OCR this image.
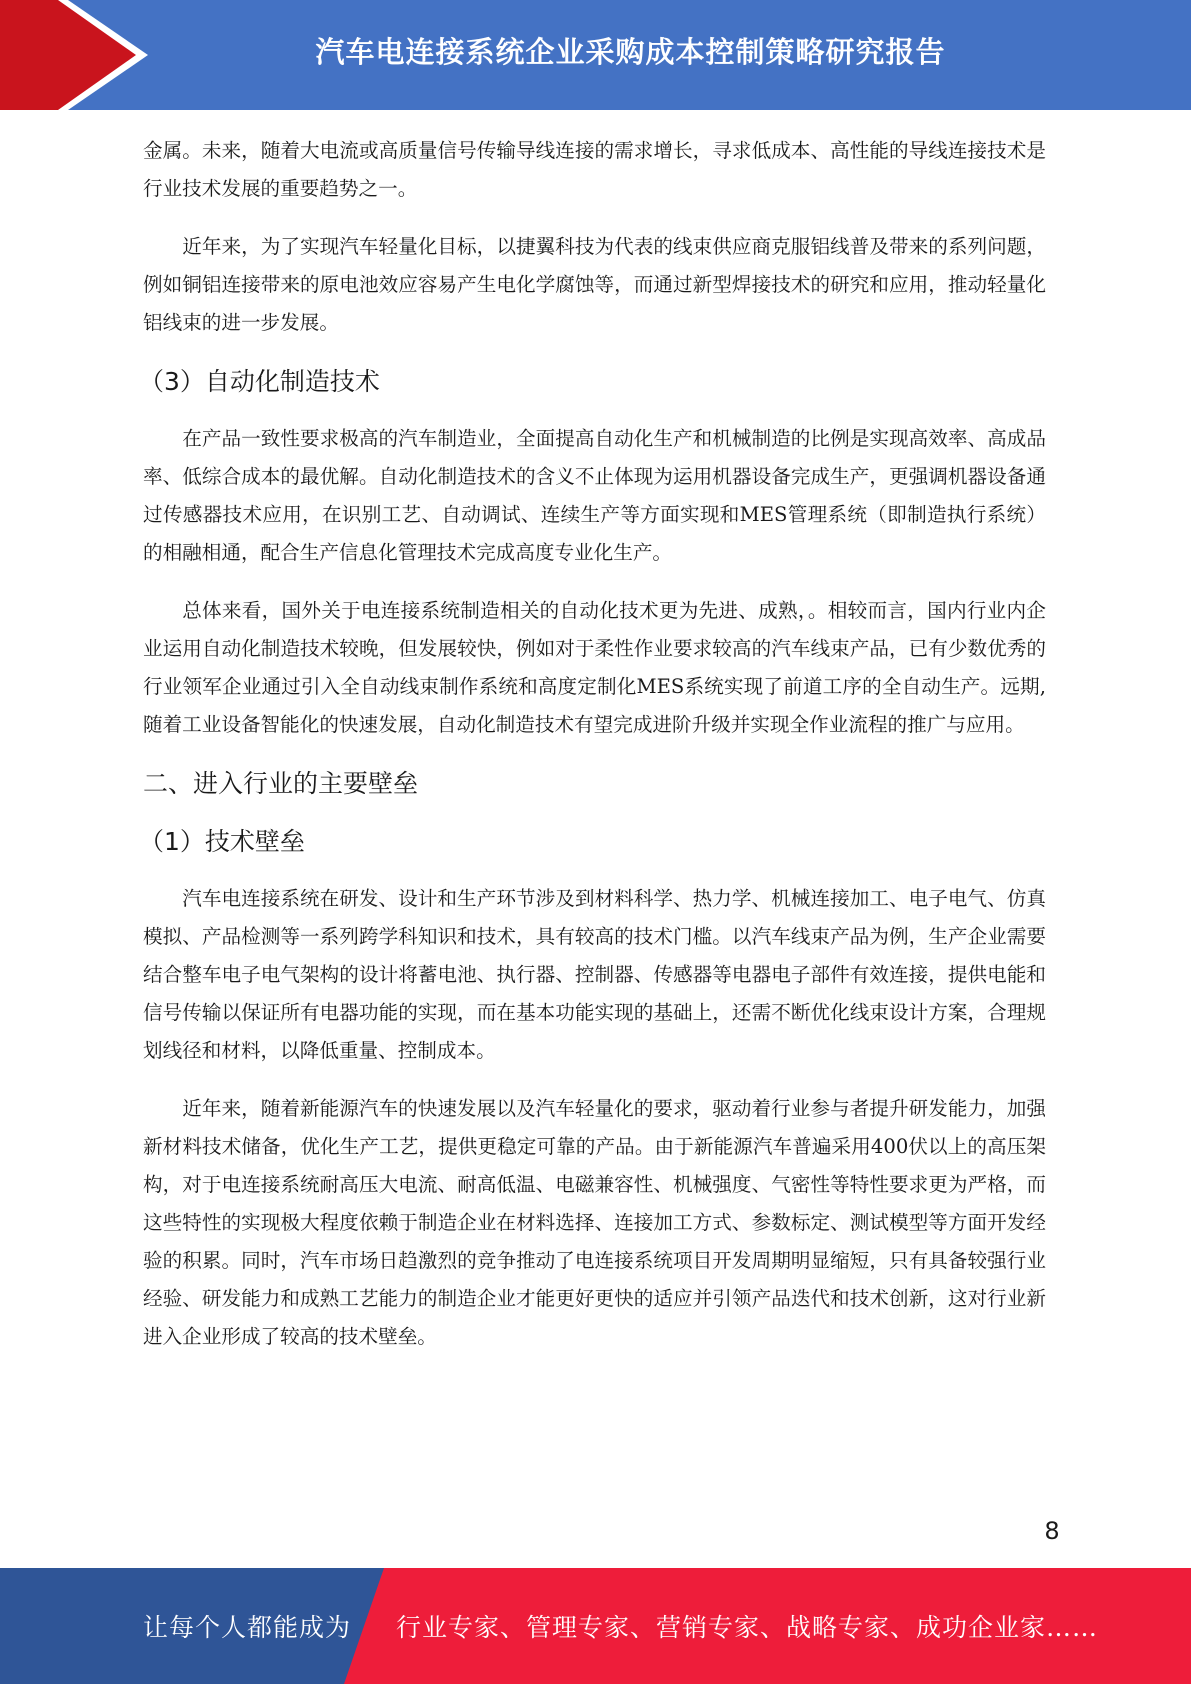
汽车电连接系统企业采购成本控制策略研究报告

金属。未来，随着大电流或高质量信号传输导线连接的需求增长，寻求低成本、高性能的导线连接技术是行业技术发展的重要趋势之一。

近年来，为了实现汽车轻量化目标，以捷翼科技为代表的线束供应商克服铝线普及带来的系列问题，例如铜铝连接带来的原电池效应容易产生电化学腐蚀等，而通过新型焊接技术的研究和应用，推动轻量化铝线束的进一步发展。

（3）自动化制造技术

在产品一致性要求极高的汽车制造业，全面提高自动化生产和机械制造的比例是实现高效率、高成品率、低综合成本的最优解。自动化制造技术的含义不止体现为运用机器设备完成生产，更强调机器设备通过传感器技术应用，在识别工艺、自动调试、连续生产等方面实现和MES管理系统（即制造执行系统）的相融相通，配合生产信息化管理技术完成高度专业化生产。

总体来看，国外关于电连接系统制造相关的自动化技术更为先进、成熟，。相较而言，国内行业内企业运用自动化制造技术较晚，但发展较快，例如对于柔性作业要求较高的汽车线束产品，已有少数优秀的行业领军企业通过引入全自动线束制作系统和高度定制化MES系统实现了前道工序的全自动生产。远期,随着工业设备智能化的快速发展，自动化制造技术有望完成进阶升级并实现全作业流程的推广与应用。

二、进入行业的主要壁垒
（1）技术壁垒

汽车电连接系统在研发、设计和生产环节涉及到材料科学、热力学、机械连接加工、电子电气、仿真模拟、产品检测等一系列跨学科知识和技术，具有较高的技术门槛。以汽车线束产品为例，生产企业需要结合整车电子电气架构的设计将蓄电池、执行器、控制器、传感器等电器电子部件有效连接，提供电能和信号传输以保证所有电器功能的实现，而在基本功能实现的基础上，还需不断优化线束设计方案，合理规划线径和材料，以降低重量、控制成本。

近年来，随着新能源汽车的快速发展以及汽车轻量化的要求，驱动着行业参与者提升研发能力，加强新材料技术储备，优化生产工艺，提供更稳定可靠的产品。由于新能源汽车普遍采用400伏以上的高压架构，对于电连接系统耐高压大电流、耐高低温、电磁兼容性、机械强度、气密性等特性要求更为严格，而这些特性的实现极大程度依赖于制造企业在材料选择、连接加工方式、参数标定、测试模型等方面开发经验的积累。同时，汽车市场日趋激烈的竞争推动了电连接系统项目开发周期明显缩短，只有具备较强行业经验、研发能力和成熟工艺能力的制造企业才能更好更快的适应并引领产品迭代和技术创新，这对行业新进入企业形成了较高的技术壁垒。

8
让每个人都能成为 行业专家、管理专家、营销专家、战略专家、成功企业家……
